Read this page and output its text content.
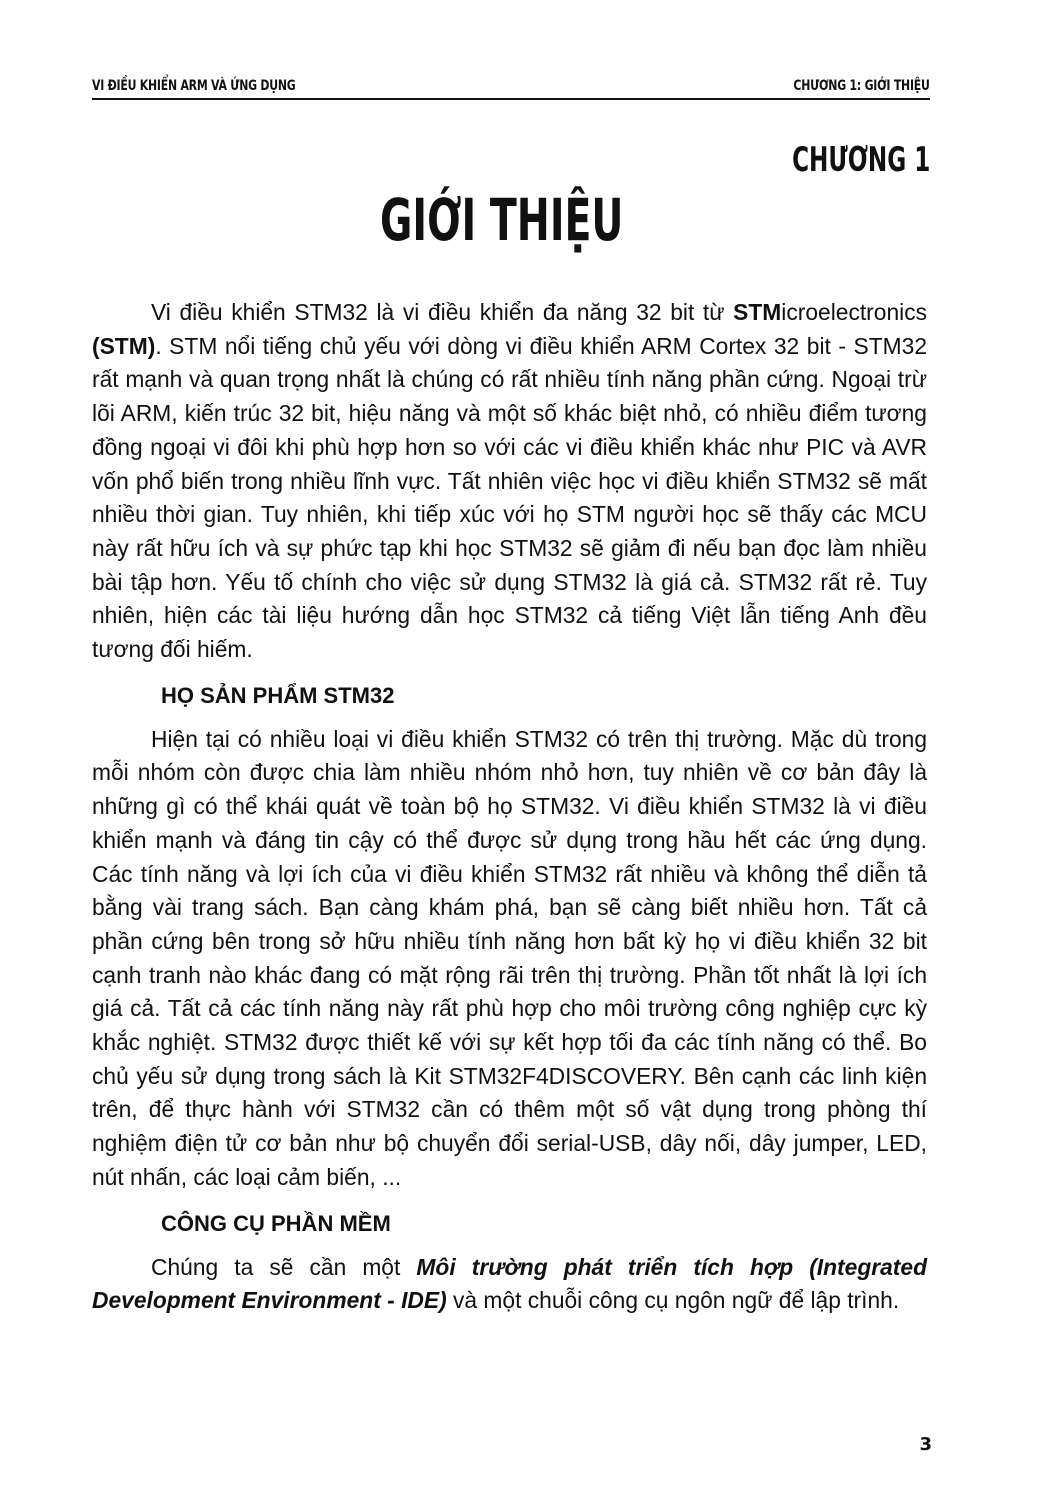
VI ĐIỀU KHIỂN ARM VÀ ỨNG DỤNG	CHƯƠNG 1: GIỚI THIỆU
CHƯƠNG 1
GIỚI THIỆU

Vi điều khiển STM32 là vi điều khiển đa năng 32 bit từ STMicroelectronics (STM). STM nổi tiếng chủ yếu với dòng vi điều khiển ARM Cortex 32 bit - STM32 rất mạnh và quan trọng nhất là chúng có rất nhiều tính năng phần cứng. Ngoại trừ lõi ARM, kiến trúc 32 bit, hiệu năng và một số khác biệt nhỏ, có nhiều điểm tương đồng ngoại vi đôi khi phù hợp hơn so với các vi điều khiển khác như PIC và AVR vốn phổ biến trong nhiều lĩnh vực. Tất nhiên việc học vi điều khiển STM32 sẽ mất nhiều thời gian. Tuy nhiên, khi tiếp xúc với họ STM người học sẽ thấy các MCU này rất hữu ích và sự phức tạp khi học STM32 sẽ giảm đi nếu bạn đọc làm nhiều bài tập hơn. Yếu tố chính cho việc sử dụng STM32 là giá cả. STM32 rất rẻ. Tuy nhiên, hiện các tài liệu hướng dẫn học STM32 cả tiếng Việt lẫn tiếng Anh đều tương đối hiếm.

HỌ SẢN PHẨM STM32

Hiện tại có nhiều loại vi điều khiển STM32 có trên thị trường. Mặc dù trong mỗi nhóm còn được chia làm nhiều nhóm nhỏ hơn, tuy nhiên về cơ bản đây là những gì có thể khái quát về toàn bộ họ STM32. Vi điều khiển STM32 là vi điều khiển mạnh và đáng tin cậy có thể được sử dụng trong hầu hết các ứng dụng. Các tính năng và lợi ích của vi điều khiển STM32 rất nhiều và không thể diễn tả bằng vài trang sách. Bạn càng khám phá, bạn sẽ càng biết nhiều hơn. Tất cả phần cứng bên trong sở hữu nhiều tính năng hơn bất kỳ họ vi điều khiển 32 bit cạnh tranh nào khác đang có mặt rộng rãi trên thị trường. Phần tốt nhất là lợi ích giá cả. Tất cả các tính năng này rất phù hợp cho môi trường công nghiệp cực kỳ khắc nghiệt. STM32 được thiết kế với sự kết hợp tối đa các tính năng có thể. Bo chủ yếu sử dụng trong sách là Kit STM32F4DISCOVERY. Bên cạnh các linh kiện trên, để thực hành với STM32 cần có thêm một số vật dụng trong phòng thí nghiệm điện tử cơ bản như bộ chuyển đổi serial-USB, dây nối, dây jumper, LED, nút nhấn, các loại cảm biến, ...

CÔNG CỤ PHẦN MỀM

Chúng ta sẽ cần một Môi trường phát triển tích hợp (Integrated Development Environment - IDE) và một chuỗi công cụ ngôn ngữ để lập trình.

3
